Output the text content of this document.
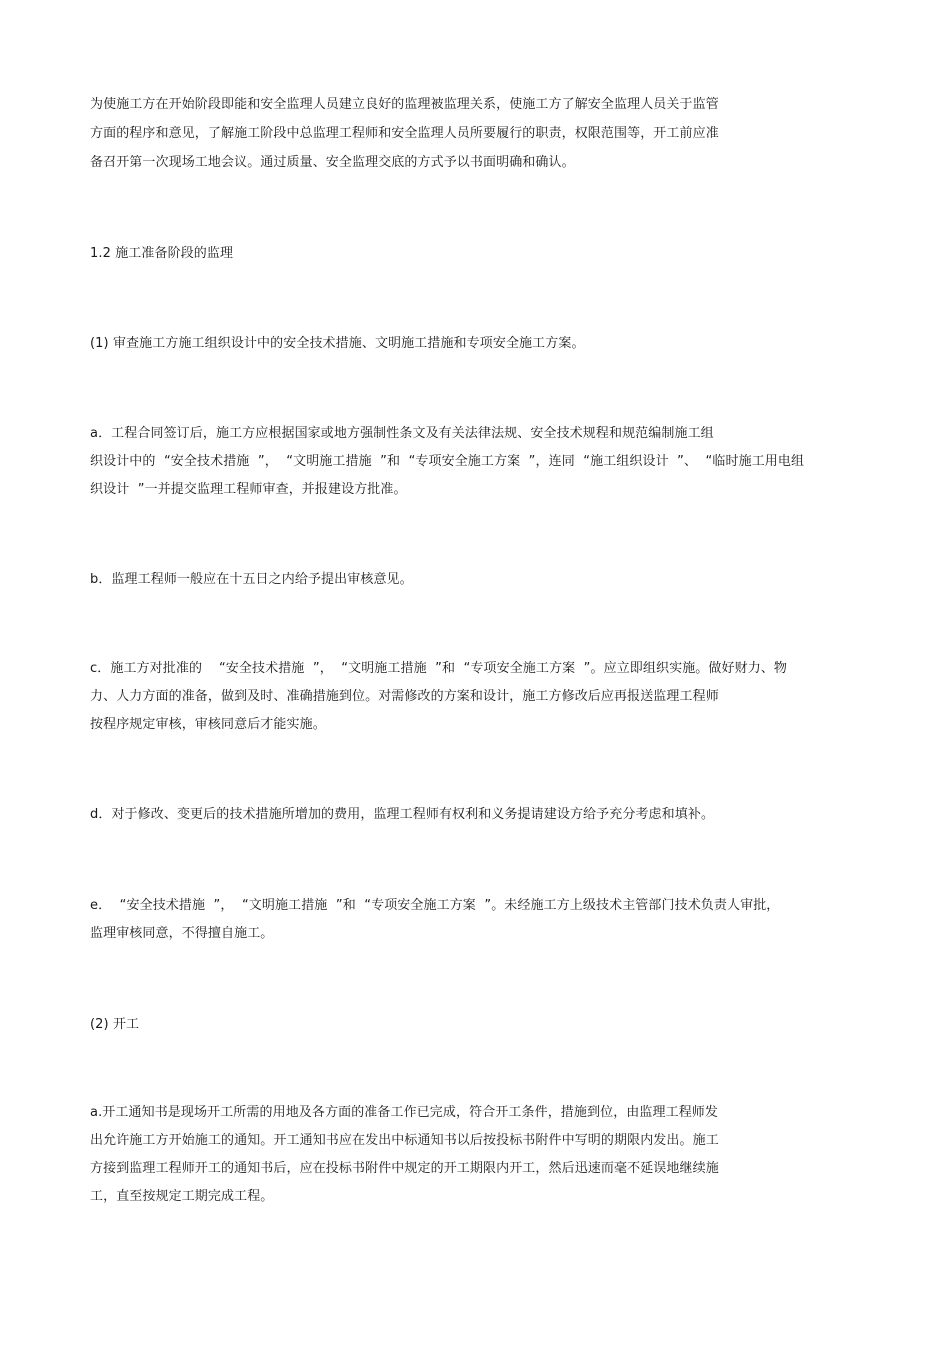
为使施工方在开始阶段即能和安全监理人员建立良好的监理被监理关系，使施工方了解安全监理人员关于监管
方面的程序和意见，了解施工阶段中总监理工程师和安全监理人员所要履行的职责，权限范围等，开工前应准
备召开第一次现场工地会议。通过质量、安全监理交底的方式予以书面明确和确认。
1.2 施工准备阶段的监理
(1) 审查施工方施工组织设计中的安全技术措施、文明施工措施和专项安全施工方案。
a．工程合同签订后，施工方应根据国家或地方强制性条文及有关法律法规、安全技术规程和规范编制施工组
织设计中的  “安全技术措施  ”，  “文明施工措施  ”和  “专项安全施工方案  ”，连同  “施工组织设计  ”、  “临时施工用电组
织设计  ”一并提交监理工程师审查，并报建设方批准。
b．监理工程师一般应在十五日之内给予提出审核意见。
c．施工方对批准的    “安全技术措施  ”，  “文明施工措施  ”和  “专项安全施工方案  ”。应立即组织实施。做好财力、物
力、人力方面的准备，做到及时、准确措施到位。对需修改的方案和设计，施工方修改后应再报送监理工程师
按程序规定审核，审核同意后才能实施。
d．对于修改、变更后的技术措施所增加的费用，监理工程师有权利和义务提请建设方给予充分考虑和填补。
e．  “安全技术措施  ”，  “文明施工措施  ”和  “专项安全施工方案  ”。未经施工方上级技术主管部门技术负责人审批，
监理审核同意，不得擅自施工。
(2) 开工
a.开工通知书是现场开工所需的用地及各方面的准备工作已完成，符合开工条件，措施到位，由监理工程师发
出允许施工方开始施工的通知。开工通知书应在发出中标通知书以后按投标书附件中写明的期限内发出。施工
方接到监理工程师开工的通知书后，应在投标书附件中规定的开工期限内开工，然后迅速而毫不延误地继续施
工，直至按规定工期完成工程。
